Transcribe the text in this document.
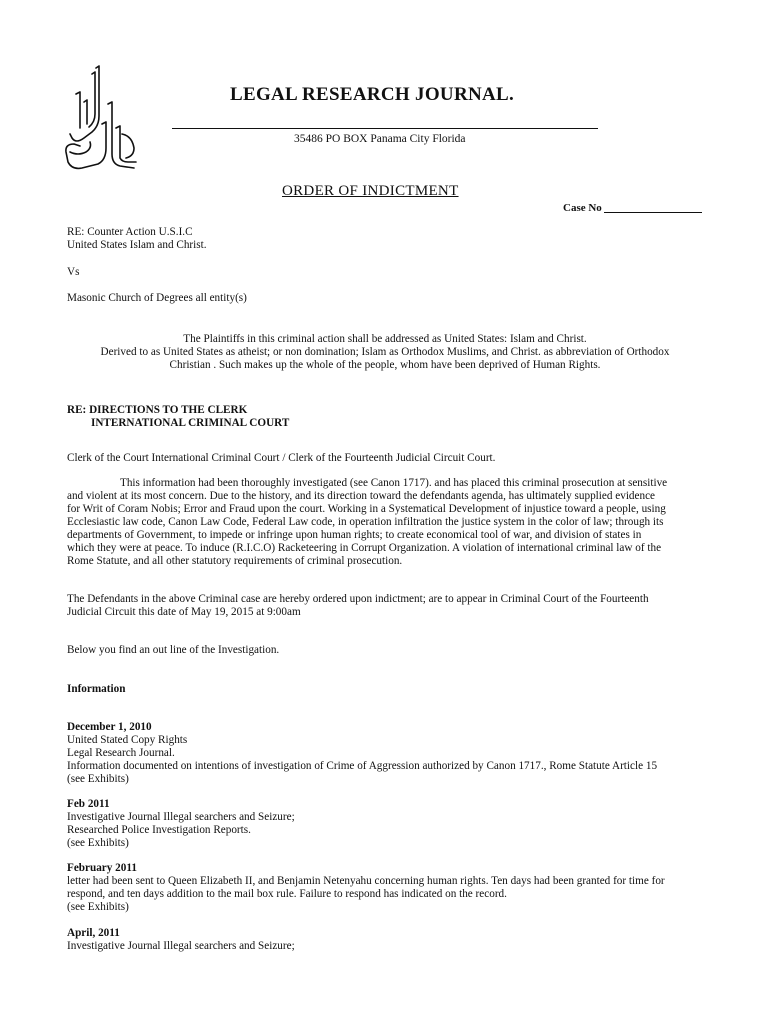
LEGAL RESEARCH JOURNAL.
35486 PO BOX Panama City Florida
ORDER OF INDICTMENT
Case No

RE: Counter Action U.S.I.C

United States Islam and Christ.

Vs
Masonic Church of Degrees all entity(s)

The Plaintiffs in this criminal action shall be addressed as United States: Islam and Christ.

Derived to as United States as atheist; or non domination; Islam as Orthodox Muslims, and Christ. as abbreviation of Orthodox

Christian . Such makes up the whole of the people, whom have been deprived of Human Rights.

RE: DIRECTIONS TO THE CLERK

INTERNATIONAL CRIMINAL COURT

Clerk of the Court International Criminal Court / Clerk of the Fourteenth Judicial Circuit Court.

This information had been thoroughly investigated (see Canon 1717). and has placed this criminal prosecution at sensitive

and violent at its most concern. Due to the history, and its direction toward the defendants agenda, has ultimately supplied evidence

for Writ of Coram Nobis; Error and Fraud upon the court. Working in a Systematical Development of injustice toward a people, using

Ecclesiastic law code, Canon Law Code, Federal Law code, in operation infiltration the justice system in the color of law; through its

departments of Government, to impede or infringe upon human rights; to create economical tool of war, and division of states in

which they were at peace. To induce (R.I.C.O) Racketeering in Corrupt Organization. A violation of international criminal law of the

Rome Statute, and all other statutory requirements of criminal prosecution.

The Defendants in the above Criminal case are hereby ordered upon indictment; are to appear in Criminal Court of the Fourteenth

Judicial Circuit this date of May 19, 2015 at 9:00am

Below you find an out line of the Investigation.
Information

December 1, 2010

United Stated Copy Rights

Legal Research Journal.

Information documented on intentions of investigation of Crime of Aggression authorized by Canon 1717., Rome Statute Article 15

(see Exhibits)

Feb 2011

Investigative Journal Illegal searchers and Seizure;

Researched Police Investigation Reports.

(see Exhibits)

February 2011

letter had been sent to Queen Elizabeth II, and Benjamin Netenyahu concerning human rights. Ten days had been granted for time for

respond, and ten days addition to the mail box rule. Failure to respond has indicated on the record.

(see Exhibits)

April, 2011

Investigative Journal Illegal searchers and Seizure;
